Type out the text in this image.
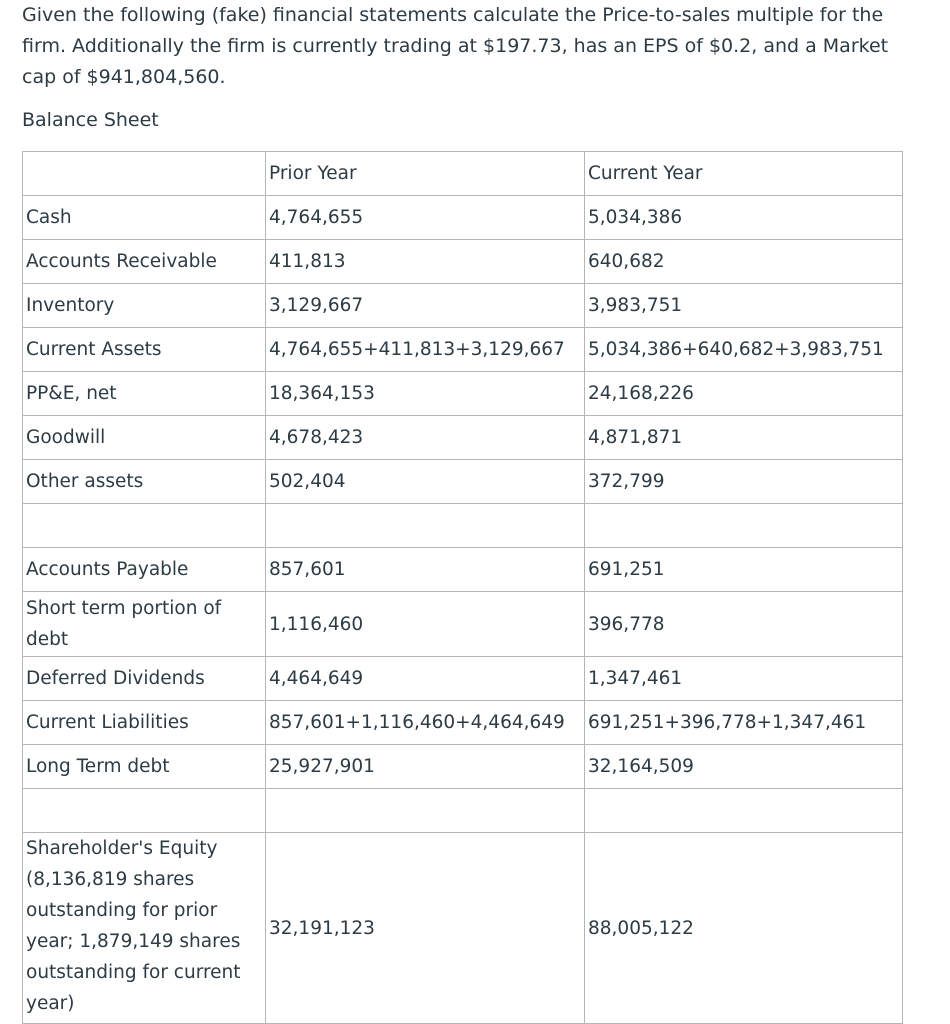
Given the following (fake) financial statements calculate the Price-to-sales multiple for the firm. Additionally the firm is currently trading at $197.73, has an EPS of $0.2, and a Market cap of $941,804,560.

Balance Sheet

	Prior Year	Current Year
Cash	4,764,655	5,034,386
Accounts Receivable	411,813	640,682
Inventory	3,129,667	3,983,751
Current Assets	4,764,655+411,813+3,129,667	5,034,386+640,682+3,983,751
PP&E, net	18,364,153	24,168,226
Goodwill	4,678,423	4,871,871
Other assets	502,404	372,799

Accounts Payable	857,601	691,251
Short term portion of debt	1,116,460	396,778
Deferred Dividends	4,464,649	1,347,461
Current Liabilities	857,601+1,116,460+4,464,649	691,251+396,778+1,347,461
Long Term debt	25,927,901	32,164,509

Shareholder's Equity (8,136,819 shares outstanding for prior year; 1,879,149 shares outstanding for current year)	32,191,123	88,005,122
